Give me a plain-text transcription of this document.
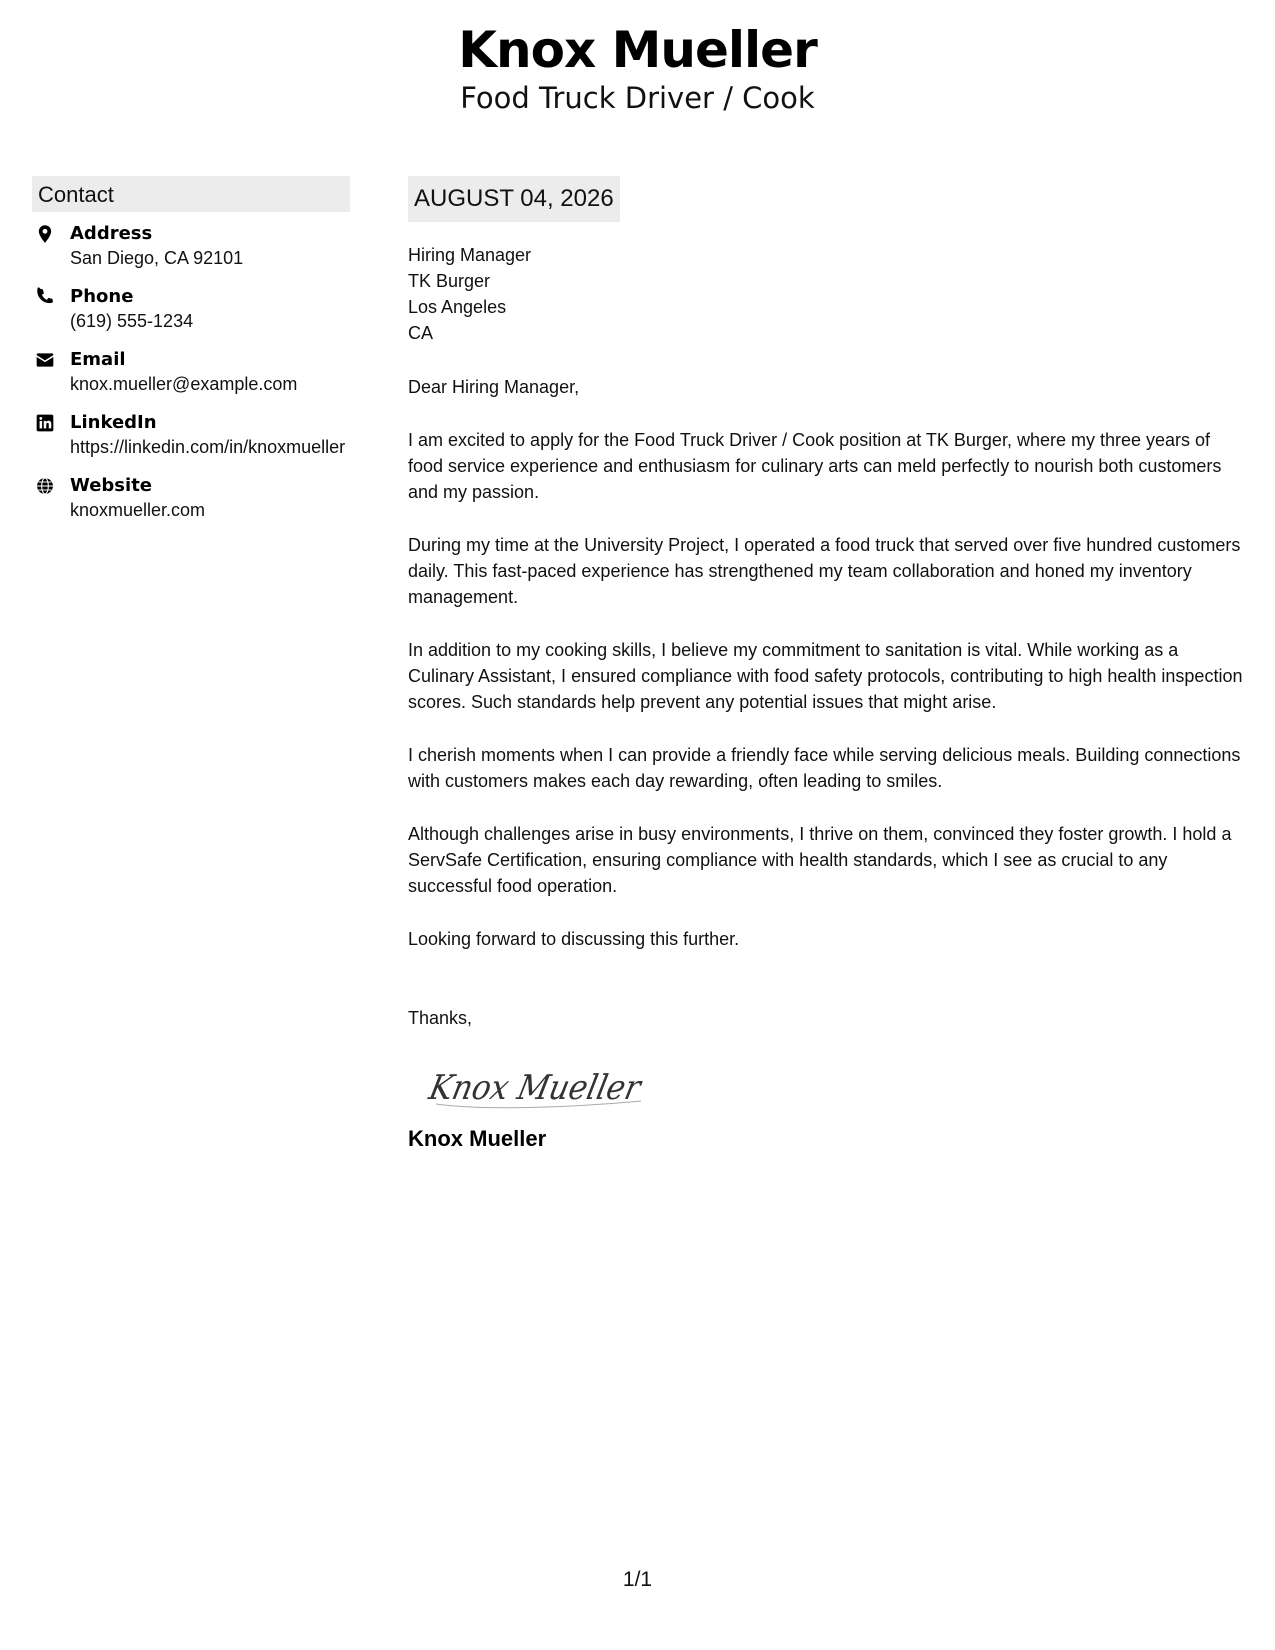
Knox Mueller
Food Truck Driver / Cook
Contact
Address
San Diego, CA 92101
Phone
(619) 555-1234
Email
knox.mueller@example.com
LinkedIn
https://linkedin.com/in/knoxmueller
Website
knoxmueller.com
AUGUST 04, 2026
Hiring Manager
TK Burger
Los Angeles
CA
Dear Hiring Manager,
I am excited to apply for the Food Truck Driver / Cook position at TK Burger, where my three years of food service experience and enthusiasm for culinary arts can meld perfectly to nourish both customers and my passion.
During my time at the University Project, I operated a food truck that served over five hundred customers daily. This fast-paced experience has strengthened my team collaboration and honed my inventory management.
In addition to my cooking skills, I believe my commitment to sanitation is vital. While working as a Culinary Assistant, I ensured compliance with food safety protocols, contributing to high health inspection scores. Such standards help prevent any potential issues that might arise.
I cherish moments when I can provide a friendly face while serving delicious meals. Building connections with customers makes each day rewarding, often leading to smiles.
Although challenges arise in busy environments, I thrive on them, convinced they foster growth. I hold a ServSafe Certification, ensuring compliance with health standards, which I see as crucial to any successful food operation.
Looking forward to discussing this further.
Thanks,
Knox Mueller
Knox Mueller
1/1
